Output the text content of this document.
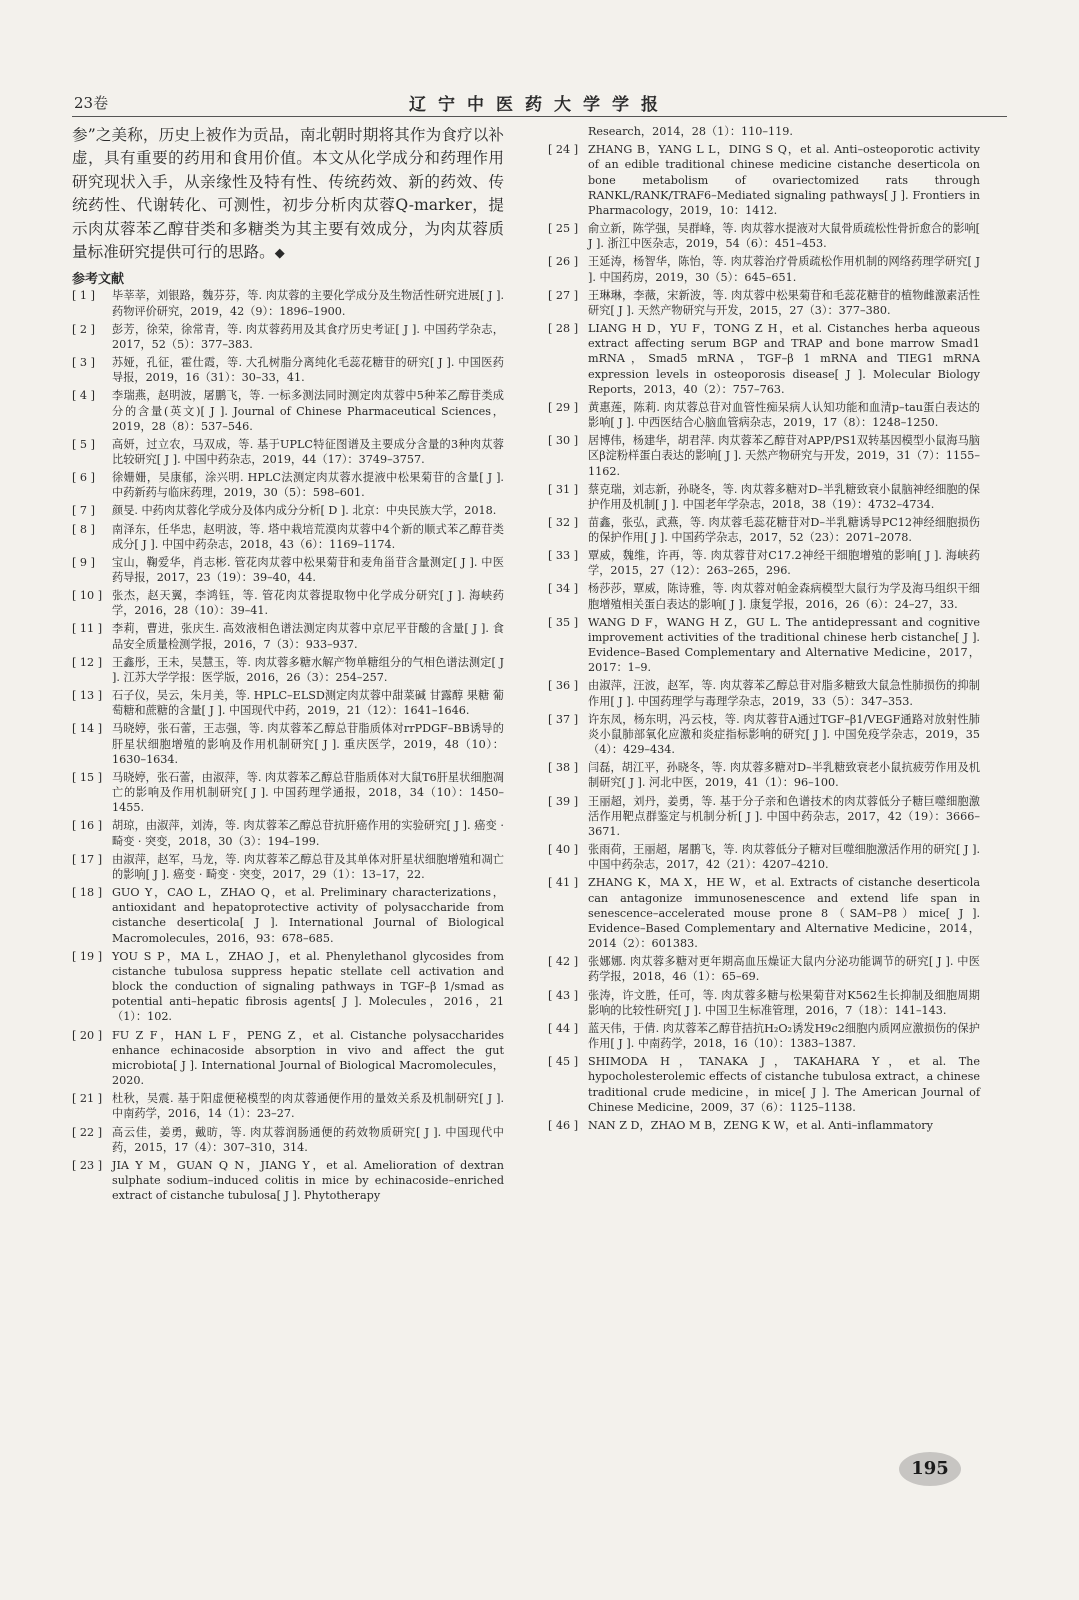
23卷	辽宁中医药大学学报

参”之美称，历史上被作为贡品，南北朝时期将其作为食疗以补虚，具有重要的药用和食用价值。本文从化学成分和药理作用研究现状入手，从亲缘性及特有性、传统药效、新的药效、传统药性、代谢转化、可测性，初步分析肉苁蓉Q-marker，提示肉苁蓉苯乙醇苷类和多糖类为其主要有效成分，为肉苁蓉质量标准研究提供可行的思路。◆

参考文献
[ 1 ]	毕莘莘，刘银路，魏芬芬，等. 肉苁蓉的主要化学成分及生物活性研究进展[ J ]. 药物评价研究，2019，42（9）：1896–1900.
[ 2 ]	彭芳，徐荣，徐常青，等. 肉苁蓉药用及其食疗历史考证[ J ]. 中国药学杂志，2017，52（5）：377–383.
[ 3 ]	苏娅，孔征，霍仕霞，等. 大孔树脂分离纯化毛蕊花糖苷的研究[ J ]. 中国医药导报，2019，16（31）：30–33，41.
[ 4 ]	李瑞燕，赵明波，屠鹏飞，等. 一标多测法同时测定肉苁蓉中5种苯乙醇苷类成分的含量(英文)[ J ]. Journal of Chinese Pharmaceutical Sciences，2019，28（8）：537–546.
[ 5 ]	高妍，过立农，马双成，等. 基于UPLC特征图谱及主要成分含量的3种肉苁蓉比较研究[ J ]. 中国中药杂志，2019，44（17）：3749–3757.
[ 6 ]	徐姗姗，吴康郁，涂兴明. HPLC法测定肉苁蓉水提液中松果菊苷的含量[ J ]. 中药新药与临床药理，2019，30（5）：598–601.
[ 7 ]	颜旻. 中药肉苁蓉化学成分及体内成分分析[ D ]. 北京：中央民族大学，2018.
[ 8 ]	南泽东，任华忠，赵明波，等. 塔中栽培荒漠肉苁蓉中4个新的顺式苯乙醇苷类成分[ J ]. 中国中药杂志，2018，43（6）：1169–1174.
[ 9 ]	宝山，鞠爱华，肖志彬. 管花肉苁蓉中松果菊苷和麦角甾苷含量测定[ J ]. 中医药导报，2017，23（19）：39–40，44.
[ 10 ] 张杰，赵天翼，李鸿钰，等. 管花肉苁蓉提取物中化学成分研究[ J ]. 海峡药学，2016，28（10）：39–41.
[ 11 ] 李莉，曹进，张庆生. 高效液相色谱法测定肉苁蓉中京尼平苷酸的含量[ J ]. 食品安全质量检测学报，2016，7（3）：933–937.
[ 12 ] 王鑫彤，王未，吴慧玉，等. 肉苁蓉多糖水解产物单糖组分的气相色谱法测定[ J ]. 江苏大学学报：医学版，2016，26（3）：254–257.
[ 13 ] 石子仪，吴云，朱月美，等. HPLC–ELSD测定肉苁蓉中甜菜碱 甘露醇 果糖 葡萄糖和蔗糖的含量[ J ]. 中国现代中药，2019，21（12）：1641–1646.
[ 14 ] 马晓婷，张石蕾，王志强，等. 肉苁蓉苯乙醇总苷脂质体对rrPDGF–BB诱导的肝星状细胞增殖的影响及作用机制研究[ J ]. 重庆医学，2019，48（10）：1630–1634.
[ 15 ] 马晓婷，张石蕾，由淑萍，等. 肉苁蓉苯乙醇总苷脂质体对大鼠T6肝星状细胞凋亡的影响及作用机制研究[ J ]. 中国药理学通报，2018，34（10）：1450–1455.
[ 16 ] 胡琼，由淑萍，刘涛，等. 肉苁蓉苯乙醇总苷抗肝癌作用的实验研究[ J ]. 癌变 · 畸变 · 突变，2018，30（3）：194–199.
[ 17 ] 由淑萍，赵军，马龙，等. 肉苁蓉苯乙醇总苷及其单体对肝星状细胞增殖和凋亡的影响[ J ]. 癌变 · 畸变 · 突变，2017，29（1）：13–17，22.
[ 18 ] GUO Y，CAO L，ZHAO Q，et al. Preliminary characterizations，antioxidant and hepatoprotective activity of polysaccharide from cistanche deserticola[ J ]. International Journal of Biological Macromolecules，2016，93：678–685.
[ 19 ] YOU S P，MA L，ZHAO J，et al. Phenylethanol glycosides from cistanche tubulosa suppress hepatic stellate cell activation and block the conduction of signaling pathways in TGF–β 1/smad as potential anti–hepatic fibrosis agents[ J ]. Molecules，2016，21（1）：102.
[ 20 ] FU Z F，HAN L F，PENG Z，et al. Cistanche polysaccharides enhance echinacoside absorption in vivo and affect the gut microbiota[ J ]. International Journal of Biological Macromolecules，2020.
[ 21 ] 杜秋，吴震. 基于阳虚便秘模型的肉苁蓉通便作用的量效关系及机制研究[ J ]. 中南药学，2016，14（1）：23–27.
[ 22 ] 高云佳，姜勇，戴昉，等. 肉苁蓉润肠通便的药效物质研究[ J ]. 中国现代中药，2015，17（4）：307–310，314.
[ 23 ] JIA Y M，GUAN Q N，JIANG Y，et al. Amelioration of dextran sulphate sodium–induced colitis in mice by echinacoside–enriched extract of cistanche tubulosa[ J ]. Phytotherapy
Research，2014，28（1）：110–119.
[ 24 ] ZHANG B，YANG L L，DING S Q，et al. Anti–osteoporotic activity of an edible traditional chinese medicine cistanche deserticola on bone metabolism of ovariectomized rats through RANKL/RANK/TRAF6–Mediated signaling pathways[ J ]. Frontiers in Pharmacology，2019，10：1412.
[ 25 ] 俞立新，陈学强，吴群峰，等. 肉苁蓉水提液对大鼠骨质疏松性骨折愈合的影响[ J ]. 浙江中医杂志，2019，54（6）：451–453.
[ 26 ] 王延涛，杨智华，陈怡，等. 肉苁蓉治疗骨质疏松作用机制的网络药理学研究[ J ]. 中国药房，2019，30（5）：645–651.
[ 27 ] 王琳琳，李薇，宋新波，等. 肉苁蓉中松果菊苷和毛蕊花糖苷的植物雌激素活性研究[ J ]. 天然产物研究与开发，2015，27（3）：377–380.
[ 28 ] LIANG H D，YU F，TONG Z H，et al. Cistanches herba aqueous extract affecting serum BGP and TRAP and bone marrow Smad1 mRNA，Smad5 mRNA，TGF–β 1 mRNA and TIEG1 mRNA expression levels in osteoporosis disease[ J ]. Molecular Biology Reports，2013，40（2）：757–763.
[ 29 ] 黄惠莲，陈莉. 肉苁蓉总苷对血管性痴呆病人认知功能和血清p–tau蛋白表达的影响[ J ]. 中西医结合心脑血管病杂志，2019，17（8）：1248–1250.
[ 30 ] 居博伟，杨建华，胡君萍. 肉苁蓉苯乙醇苷对APP/PS1双转基因模型小鼠海马脑区β淀粉样蛋白表达的影响[ J ]. 天然产物研究与开发，2019，31（7）：1155–1162.
[ 31 ] 蔡克瑞，刘志新，孙晓冬，等. 肉苁蓉多糖对D–半乳糖致衰小鼠脑神经细胞的保护作用及机制[ J ]. 中国老年学杂志，2018，38（19）：4732–4734.
[ 32 ] 苗鑫，张弘，武燕，等. 肉苁蓉毛蕊花糖苷对D–半乳糖诱导PC12神经细胞损伤的保护作用[ J ]. 中国药学杂志，2017，52（23）：2071–2078.
[ 33 ] 覃威，魏维，许再，等. 肉苁蓉苷对C17.2神经干细胞增殖的影响[ J ]. 海峡药学，2015，27（12）：263–265，296.
[ 34 ] 杨莎莎，覃威，陈诗雅，等. 肉苁蓉对帕金森病模型大鼠行为学及海马组织干细胞增殖相关蛋白表达的影响[ J ]. 康复学报，2016，26（6）：24–27，33.
[ 35 ] WANG D F，WANG H Z，GU L. The antidepressant and cognitive improvement activities of the traditional chinese herb cistanche[ J ]. Evidence–Based Complementary and Alternative Medicine，2017，2017：1–9.
[ 36 ] 由淑萍，汪波，赵军，等. 肉苁蓉苯乙醇总苷对脂多糖致大鼠急性肺损伤的抑制作用[ J ]. 中国药理学与毒理学杂志，2019，33（5）：347–353.
[ 37 ] 许东凤，杨东明，冯云枝，等. 肉苁蓉苷A通过TGF–β1/VEGF通路对放射性肺炎小鼠肺部氧化应激和炎症指标影响的研究[ J ]. 中国免疫学杂志，2019，35（4）：429–434.
[ 38 ] 闫磊，胡江平，孙晓冬，等. 肉苁蓉多糖对D–半乳糖致衰老小鼠抗疲劳作用及机制研究[ J ]. 河北中医，2019，41（1）：96–100.
[ 39 ] 王丽超，刘丹，姜勇，等. 基于分子亲和色谱技术的肉苁蓉低分子糖巨噬细胞激活作用靶点群鉴定与机制分析[ J ]. 中国中药杂志，2017，42（19）：3666–3671.
[ 40 ] 张雨荷，王丽超，屠鹏飞，等. 肉苁蓉低分子糖对巨噬细胞激活作用的研究[ J ]. 中国中药杂志，2017，42（21）：4207–4210.
[ 41 ] ZHANG K，MA X，HE W，et al. Extracts of cistanche deserticola can antagonize immunosenescence and extend life span in senescence–accelerated mouse prone 8（SAM–P8）mice[ J ]. Evidence–Based Complementary and Alternative Medicine，2014，2014（2）：601383.
[ 42 ] 张娜娜. 肉苁蓉多糖对更年期高血压燥证大鼠内分泌功能调节的研究[ J ]. 中医药学报，2018，46（1）：65–69.
[ 43 ] 张涛，许文胜，任可，等. 肉苁蓉多糖与松果菊苷对K562生长抑制及细胞周期影响的比较性研究[ J ]. 中国卫生标准管理，2016，7（18）：141–143.
[ 44 ] 蓝天伟，于倩. 肉苁蓉苯乙醇苷拮抗H₂O₂诱发H9c2细胞内质网应激损伤的保护作用[ J ]. 中南药学，2018，16（10）：1383–1387.
[ 45 ] SHIMODA H，TANAKA J，TAKAHARA Y，et al. The hypocholesterolemic effects of cistanche tubulosa extract，a chinese traditional crude medicine，in mice[ J ]. The American Journal of Chinese Medicine，2009，37（6）：1125–1138.
[ 46 ] NAN Z D，ZHAO M B，ZENG K W，et al. Anti–inflammatory
195
